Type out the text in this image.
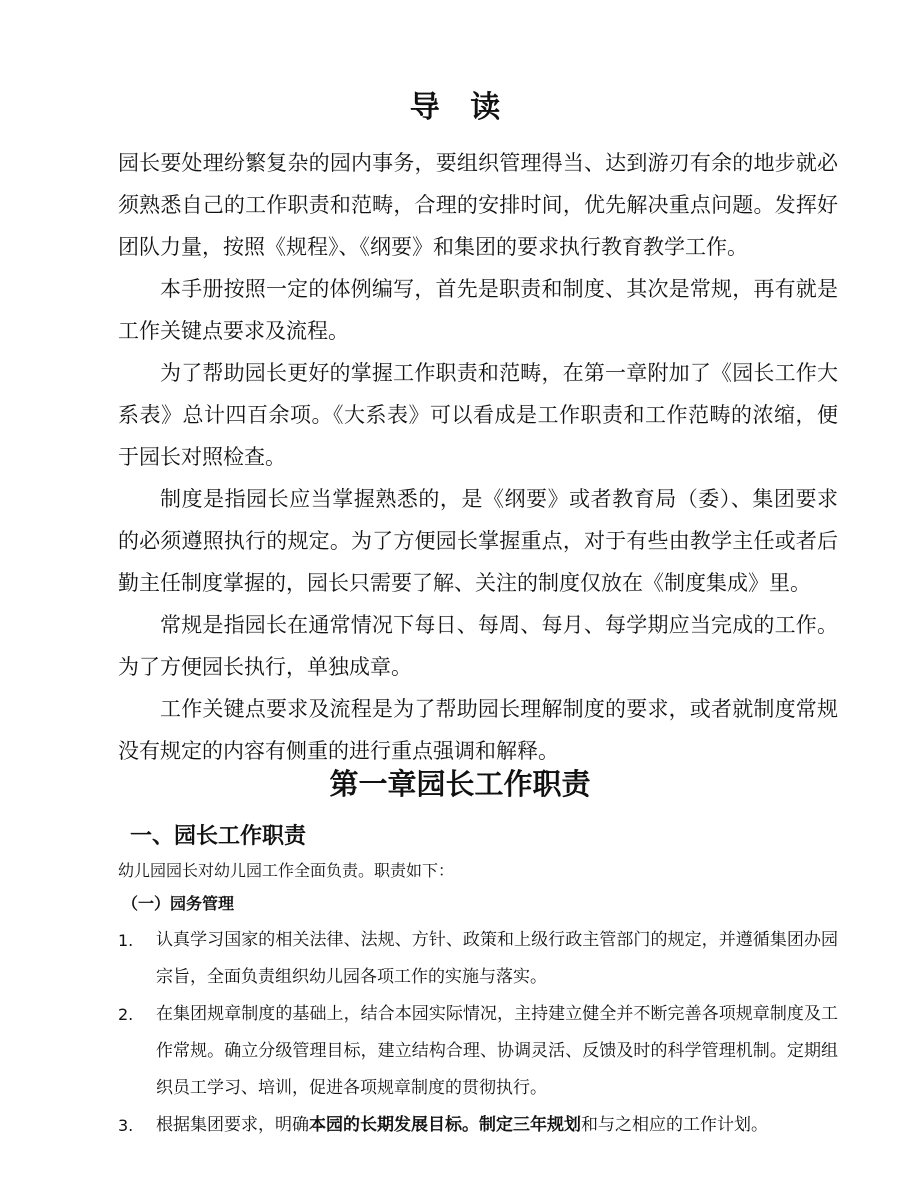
导 读

园长要处理纷繁复杂的园内事务，要组织管理得当、达到游刃有余的地步就必须熟悉自己的工作职责和范畴，合理的安排时间，优先解决重点问题。发挥好团队力量，按照《规程》、《纲要》和集团的要求执行教育教学工作。

本手册按照一定的体例编写，首先是职责和制度、其次是常规，再有就是工作关键点要求及流程。

为了帮助园长更好的掌握工作职责和范畴，在第一章附加了《园长工作大系表》总计四百余项。《大系表》可以看成是工作职责和工作范畴的浓缩，便于园长对照检查。

制度是指园长应当掌握熟悉的，是《纲要》或者教育局（委）、集团要求的必须遵照执行的规定。为了方便园长掌握重点，对于有些由教学主任或者后勤主任制度掌握的，园长只需要了解、关注的制度仅放在《制度集成》里。

常规是指园长在通常情况下每日、每周、每月、每学期应当完成的工作。为了方便园长执行，单独成章。

工作关键点要求及流程是为了帮助园长理解制度的要求，或者就制度常规没有规定的内容有侧重的进行重点强调和解释。

第一章园长工作职责
一、园长工作职责
幼儿园园长对幼儿园工作全面负责。职责如下：
（一）园务管理
1. 认真学习国家的相关法律、法规、方针、政策和上级行政主管部门的规定，并遵循集团办园宗旨，全面负责组织幼儿园各项工作的实施与落实。
2. 在集团规章制度的基础上，结合本园实际情况，主持建立健全并不断完善各项规章制度及工作常规。确立分级管理目标，建立结构合理、协调灵活、反馈及时的科学管理机制。定期组织员工学习、培训，促进各项规章制度的贯彻执行。
3. 根据集团要求，明确本园的长期发展目标。制定三年规划和与之相应的工作计划。
